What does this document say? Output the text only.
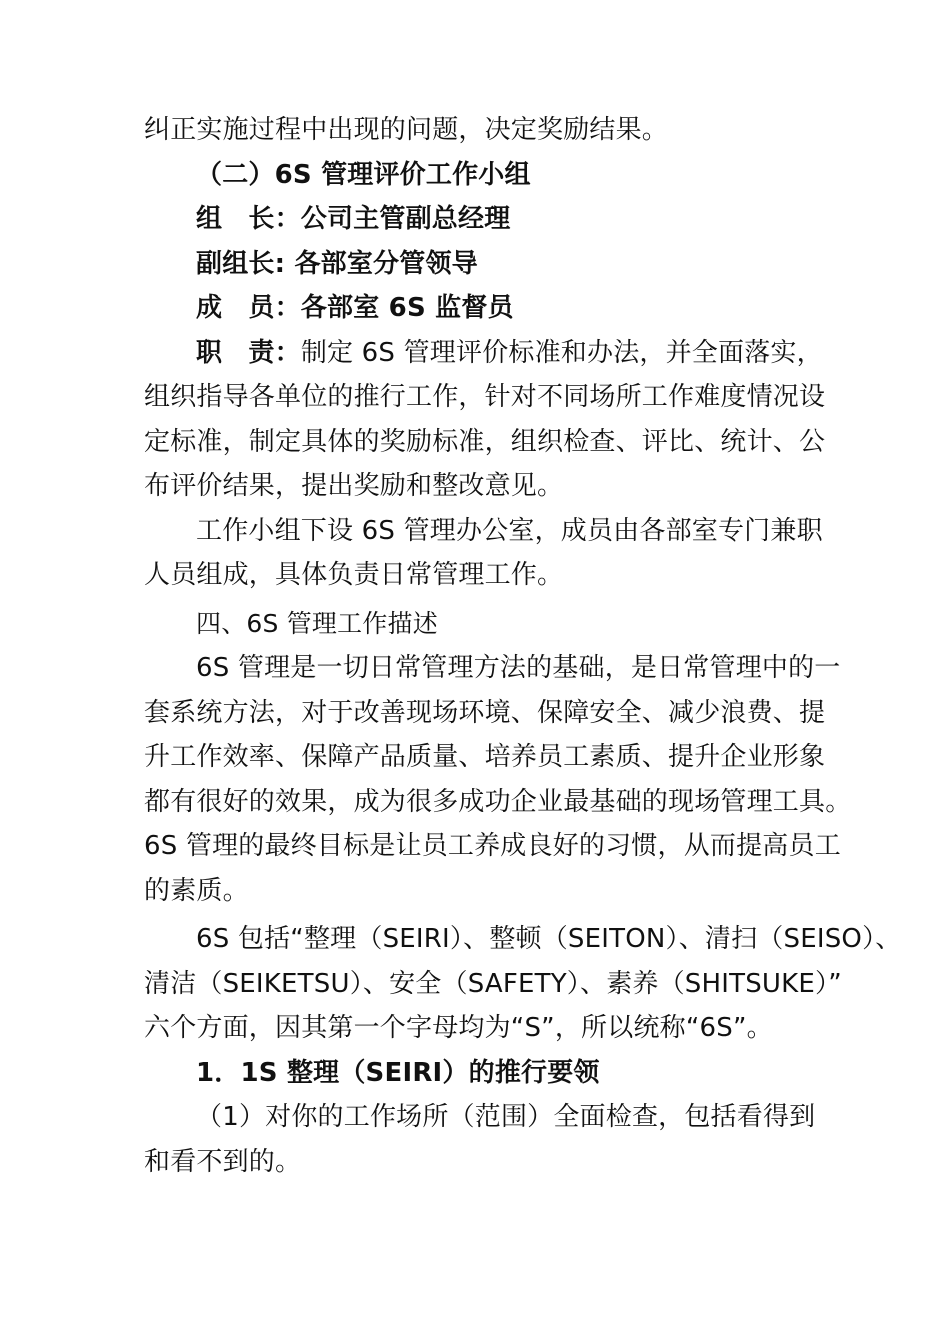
纠正实施过程中出现的问题，决定奖励结果。

（二）6S 管理评价工作小组

组　长：公司主管副总经理

副组长: 各部室分管领导

成　员：各部室 6S 监督员

职　责：制定 6S 管理评价标准和办法，并全面落实，

组织指导各单位的推行工作，针对不同场所工作难度情况设

定标准，制定具体的奖励标准，组织检查、评比、统计、公

布评价结果，提出奖励和整改意见。

工作小组下设 6S 管理办公室，成员由各部室专门兼职

人员组成，具体负责日常管理工作。

四、6S 管理工作描述

6S 管理是一切日常管理方法的基础，是日常管理中的一

套系统方法，对于改善现场环境、保障安全、减少浪费、提

升工作效率、保障产品质量、培养员工素质、提升企业形象

都有很好的效果，成为很多成功企业最基础的现场管理工具。

6S 管理的最终目标是让员工养成良好的习惯，从而提高员工

的素质。

6S 包括“整理（SEIRI）、整顿（SEITON）、清扫（SEISO）、

清洁（SEIKETSU）、安全（SAFETY）、素养（SHITSUKE）”

六个方面，因其第一个字母均为“S”，所以统称“6S”。

1．1S 整理（SEIRI）的推行要领

（1）对你的工作场所（范围）全面检查，包括看得到

和看不到的。
